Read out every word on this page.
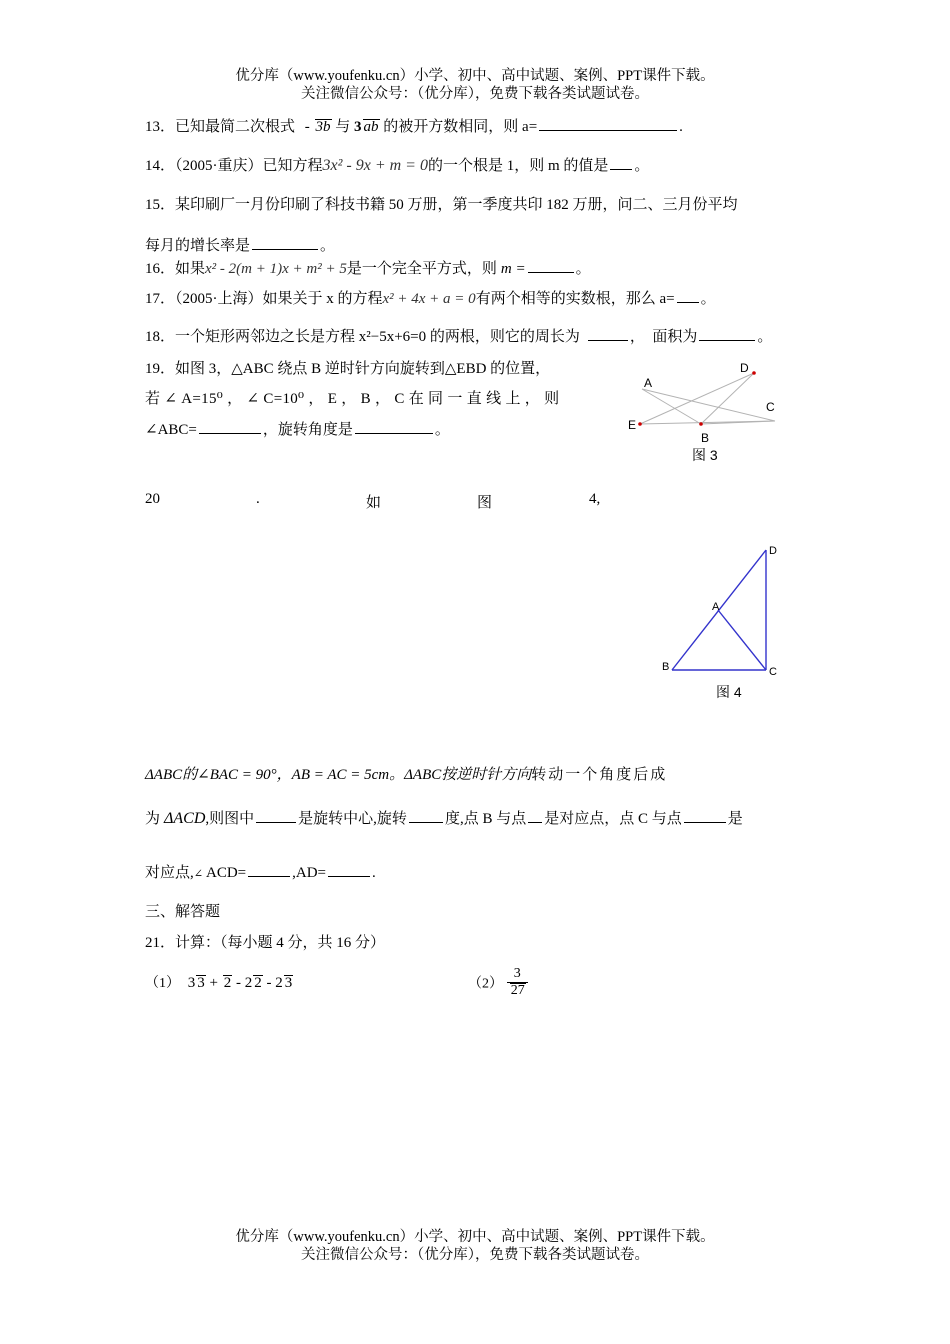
优分库（www.youfenku.cn）小学、初中、高中试题、案例、PPT课件下载。
关注微信公众号：（优分库），免费下载各类试题试卷。
13．已知最简二次根式 - 3b 与 3 ab 的被开方数相同，则 a=	.
14．（2005·重庆）已知方程3x² - 9x + m = 0的一个根是 1，则 m 的值是 。
15．某印刷厂一月份印刷了科技书籍 50 万册，第一季度共印 182 万册，问二、三月份平均
每月的增长率是	。
16．如果x² - 2(m + 1)x + m² + 5是一个完全平方式，则 m =	。
17．（2005·上海）如果关于 x 的方程x² + 4x + a = 0有两个相等的实数根，那么 a= 。
18．一个矩形两邻边之长是方程 x²−5x+6=0 的两根，则它的周长为	，　面积为	。
19．如图 3，△ABC 绕点 B 逆时针方向旋转到△EBD 的位置，
若 ∠ A=15⁰ ， ∠ C=10⁰ ， E ， B ， C 在 同 一 直 线 上 ， 则
∠ABC=	，旋转角度是	。
A
B
C
D
E
图 3
20	.	如	图	4,
A
B	C
D
图 4
ΔABC的∠BAC = 90°，AB = AC = 5cm。ΔABC按逆时针方向转动一个角度后成
为 ΔACD,则图中	是旋转中心,旋转	度,点 B 与点 是对应点，点 C 与点	是
对应点,∠ ACD=	,AD=	.
三、解答题
21．计算：（每小题 4 分，共 16 分）
（1） 3 3 + 2 - 2 2 - 2 3	$(2) \frac{3}{27}$
优分库（www.youfenku.cn）小学、初中、高中试题、案例、PPT课件下载。
关注微信公众号：（优分库），免费下载各类试题试卷。
